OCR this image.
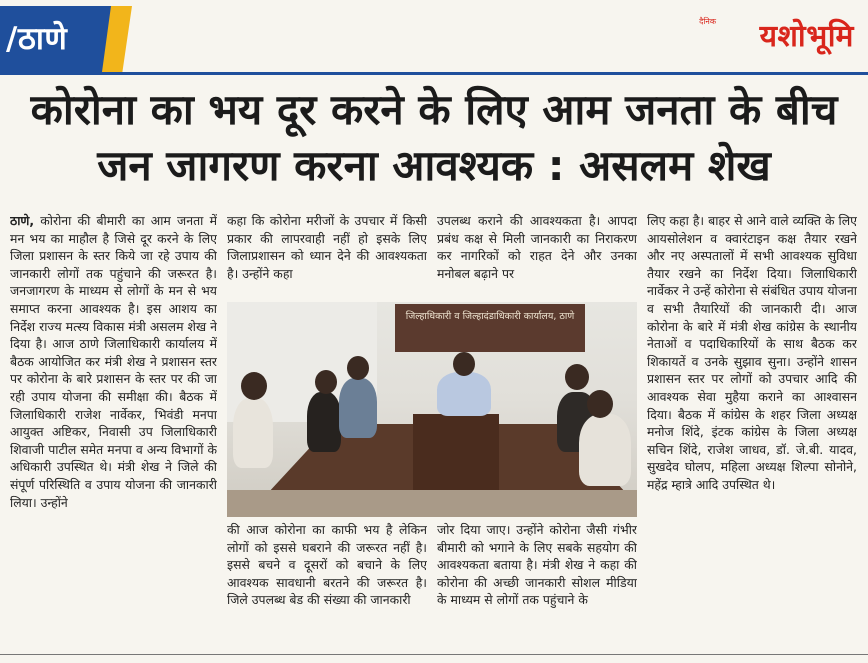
/ठाणे	दैनिक यशोभूमि
कोरोना का भय दूर करने के लिए आम जनता के बीच जन जागरण करना आवश्यक : असलम शेख
ठाणे, कोरोना की बीमारी का आम जनता में मन भय का माहौल है जिसे दूर करने के लिए जिला प्रशासन के स्तर किये जा रहे उपाय की जानकारी लोगों तक पहुंचाने की जरूरत है। जनजागरण के माध्यम से लोगों के मन से भय समाप्त करना आवश्यक है। इस आशय का निर्देश राज्य मत्स्य विकास मंत्री असलम शेख ने दिया है। आज ठाणे जिलाधिकारी कार्यालय में बैठक आयोजित कर मंत्री शेख ने प्रशासन स्तर पर कोरोना के बारे प्रशासन के स्तर पर की जा रही उपाय योजना की समीक्षा की। बैठक में जिलाधिकारी राजेश नार्वेकर, भिवंडी मनपा आयुक्त अष्टिकर, निवासी उप जिलाधिकारी शिवाजी पाटील समेत मनपा व अन्य विभागों के अधिकारी उपस्थित थे। मंत्री शेख ने जिले की संपूर्ण परिस्थिति व उपाय योजना की जानकारी लिया। उन्होंने
कहा कि कोरोना मरीजों के उपचार में किसी प्रकार की लापरवाही नहीं हो इसके लिए जिलाप्रशासन को ध्यान देने की आवश्यकता है। उन्होंने कहा
उपलब्ध कराने की आवश्यकता है। आपदा प्रबंध कक्ष से मिली जानकारी का निराकरण कर नागरिकों को राहत देने और उनका मनोबल बढ़ाने पर
जिल्हाधिकारी व जिल्हादंडाधिकारी कार्यालय, ठाणे
की आज कोरोना का काफी भय है लेकिन लोगों को इससे घबराने की जरूरत नहीं है। इससे बचने व दूसरों को बचाने के लिए आवश्यक सावधानी बरतने की जरूरत है। जिले उपलब्ध बेड की संख्या की जानकारी
जोर दिया जाए। उन्होंने कोरोना जैसी गंभीर बीमारी को भगाने के लिए सबके सहयोग की आवश्यकता बताया है। मंत्री शेख ने कहा की कोरोना की अच्छी जानकारी सोशल मीडिया के माध्यम से लोगों तक पहुंचाने के
लिए कहा है। बाहर से आने वाले व्यक्ति के लिए आयसोलेशन व क्वारंटाइन कक्ष तैयार रखने और नए अस्पतालों में सभी आवश्यक सुविधा तैयार रखने का निर्देश दिया। जिलाधिकारी नार्वेकर ने उन्हें कोरोना से संबंधित उपाय योजना व सभी तैयारियों की जानकारी दी। आज कोरोना के बारे में मंत्री शेख कांग्रेस के स्थानीय नेताओं व पदाधिकारियों के साथ बैठक कर शिकायतें व उनके सुझाव सुना। उन्होंने शासन प्रशासन स्तर पर लोगों को उपचार आदि की आवश्यक सेवा मुहैया कराने का आश्वासन दिया। बैठक में कांग्रेस के शहर जिला अध्यक्ष मनोज शिंदे, इंटक कांग्रेस के जिला अध्यक्ष सचिन शिंदे, राजेश जाधव, डॉ. जे.बी. यादव, सुखदेव घोलप, महिला अध्यक्ष शिल्पा सोनोने, महेंद्र म्हात्रे आदि उपस्थित थे।
